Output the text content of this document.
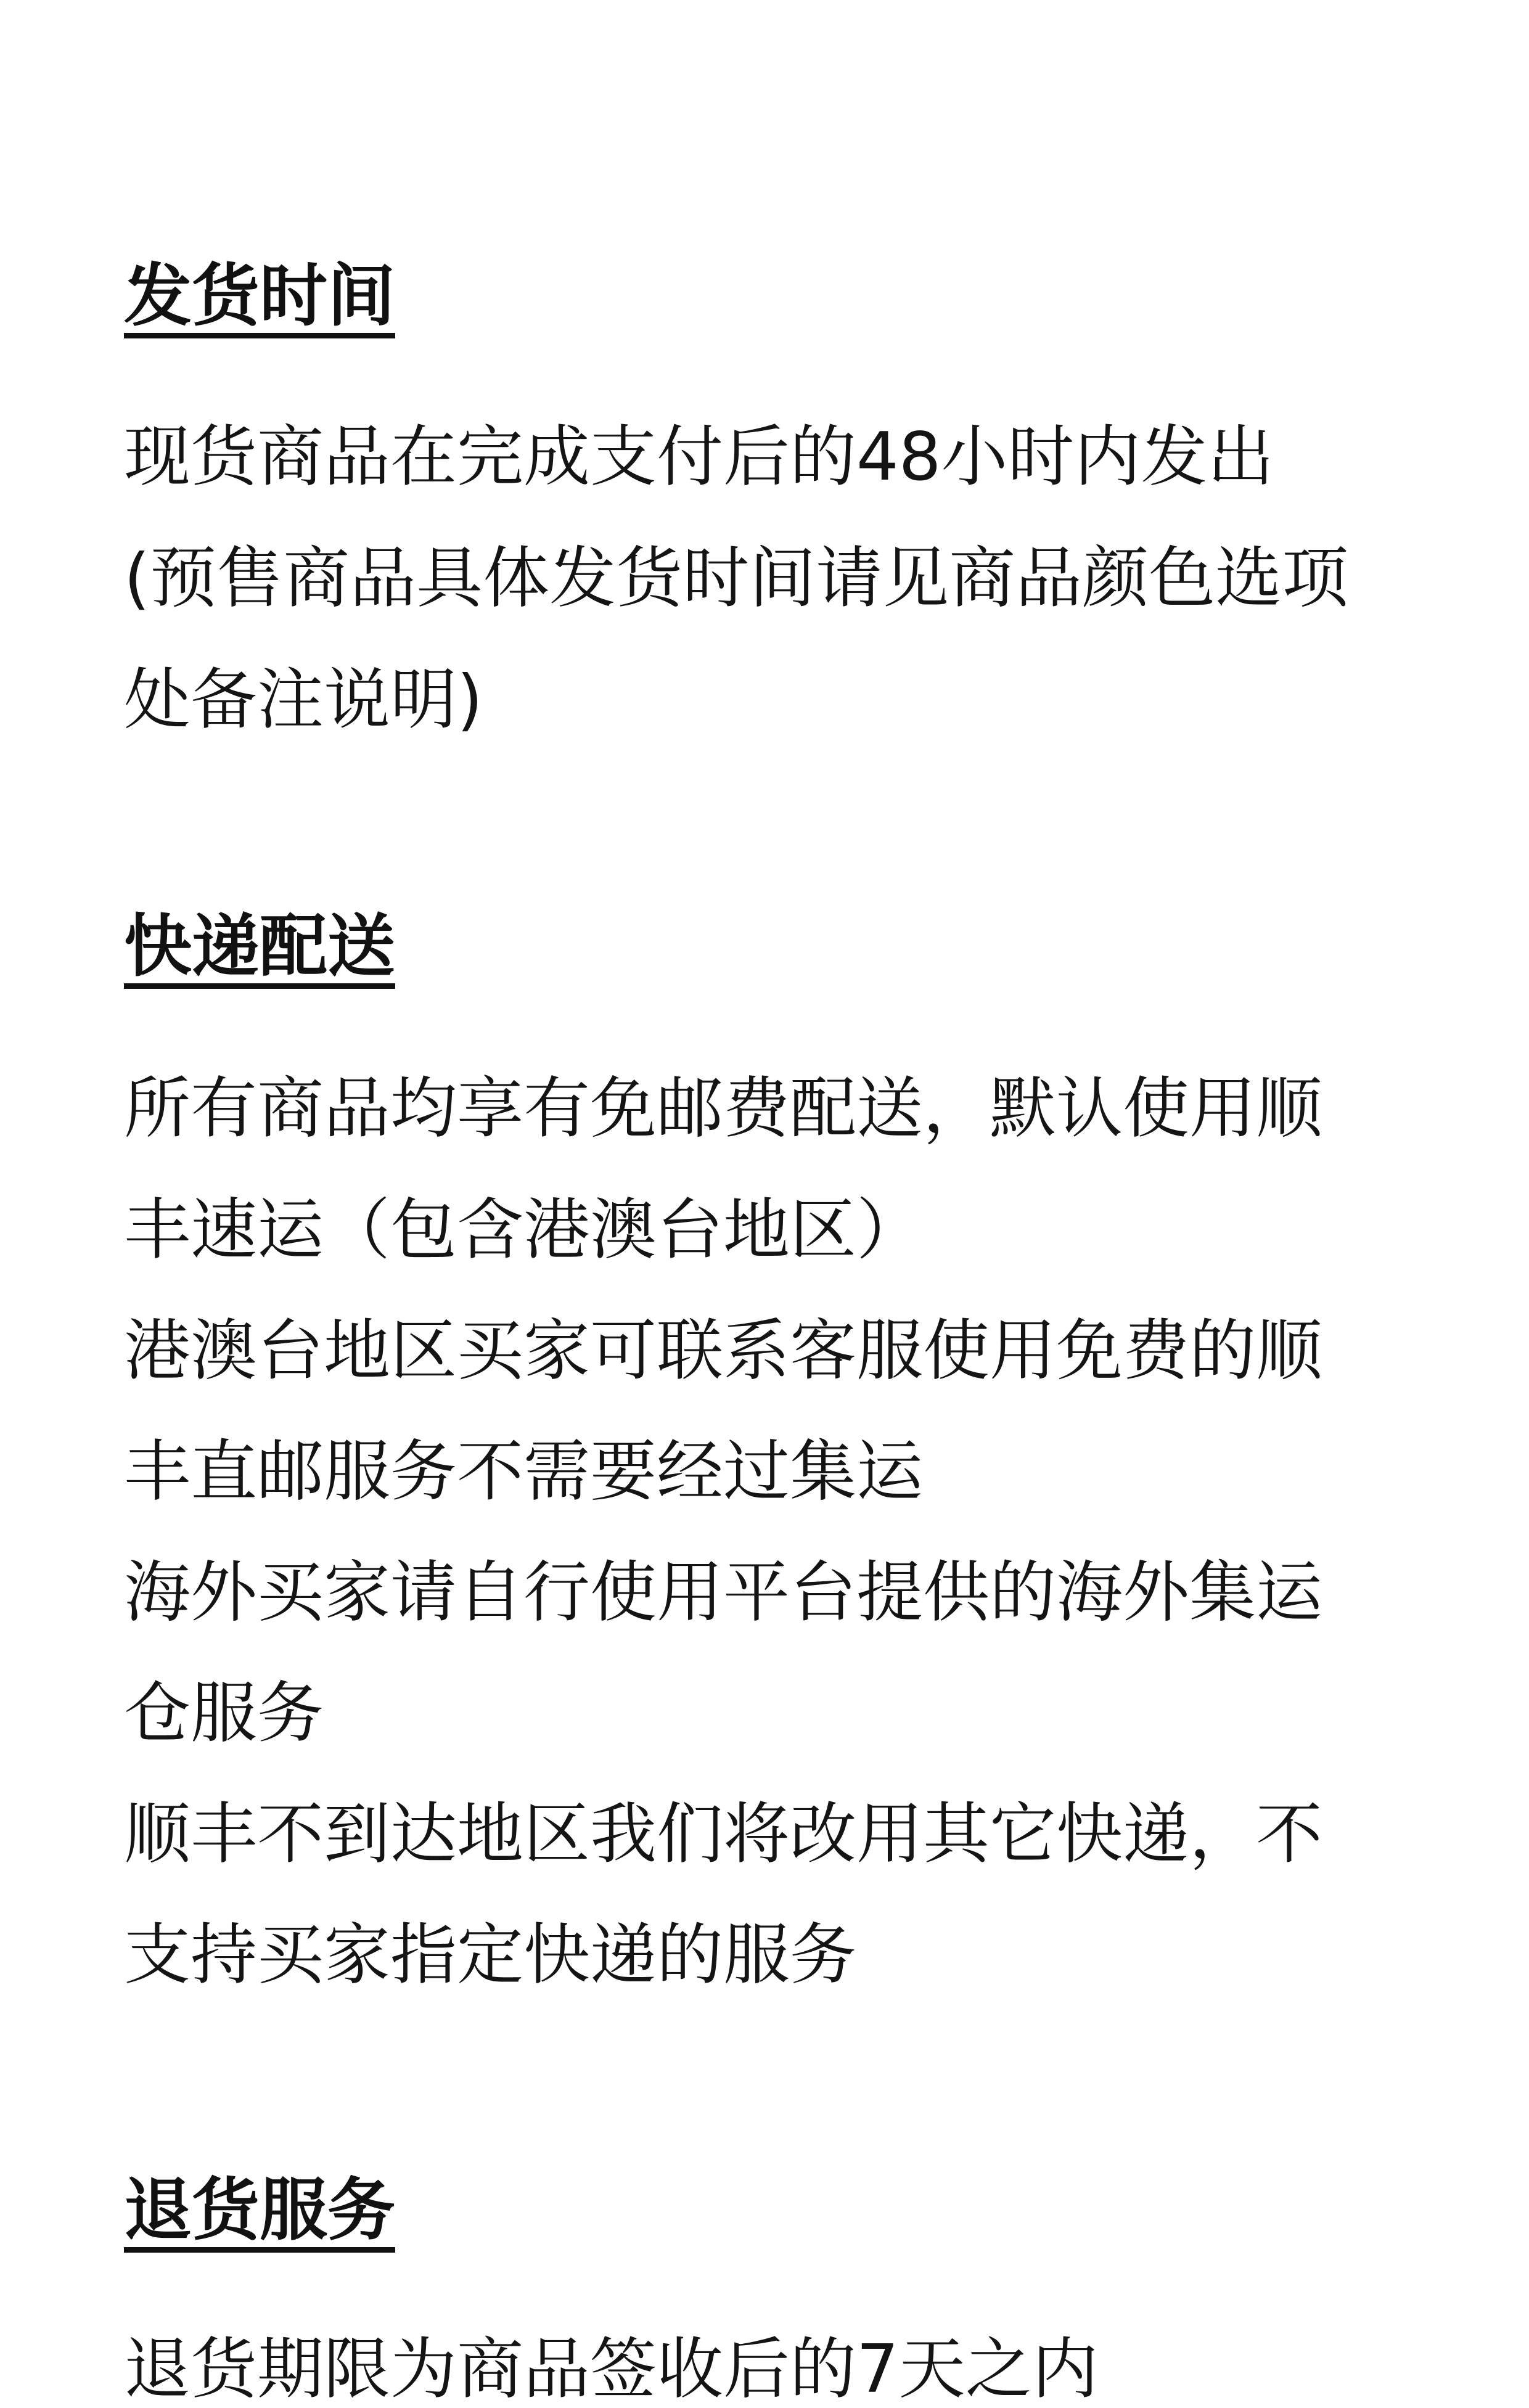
发货时间
现货商品在完成支付后的48小时内发出
(预售商品具体发货时间请见商品颜色选项
处备注说明)
快递配送
所有商品均享有免邮费配送，默认使用顺
丰速运（包含港澳台地区）
港澳台地区买家可联系客服使用免费的顺
丰直邮服务不需要经过集运
海外买家请自行使用平台提供的海外集运
仓服务
顺丰不到达地区我们将改用其它快递，不
支持买家指定快递的服务
退货服务
退货期限为商品签收后的7天之内
